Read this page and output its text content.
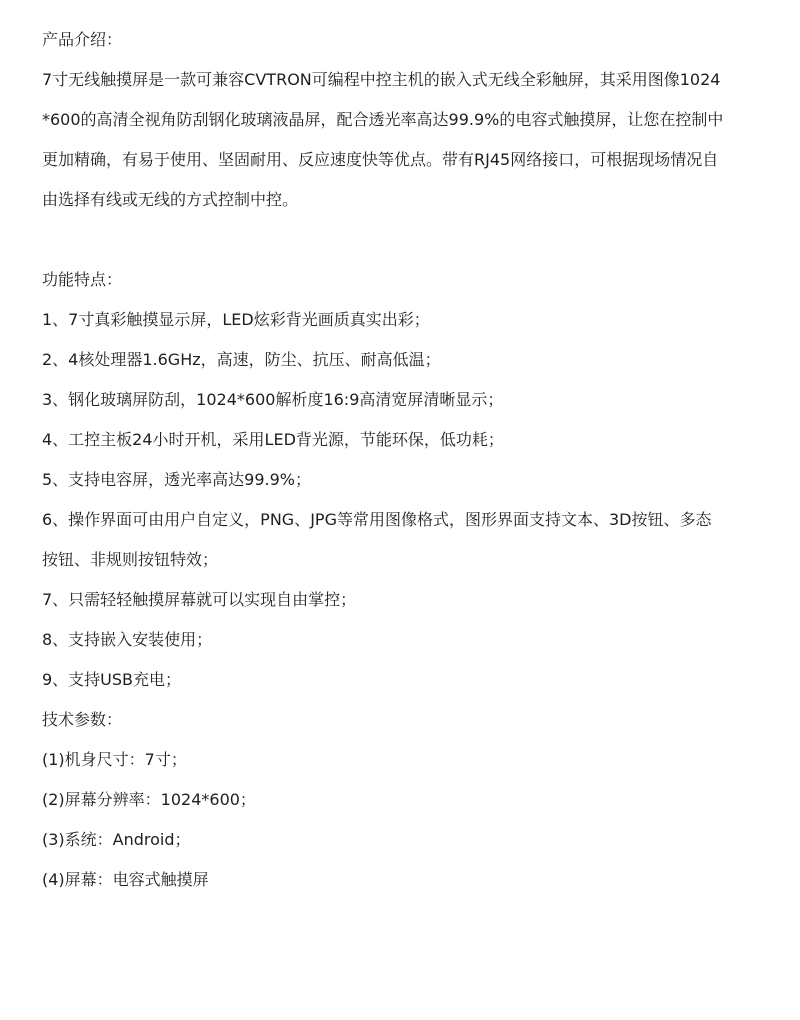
产品介绍：

7寸无线触摸屏是一款可兼容CVTRON可编程中控主机的嵌入式无线全彩触屏，其采用图像1024

*600的高清全视角防刮钢化玻璃液晶屏，配合透光率高达99.9%的电容式触摸屏，让您在控制中

更加精确，有易于使用、坚固耐用、反应速度快等优点。带有RJ45网络接口，可根据现场情况自

由选择有线或无线的方式控制中控。

功能特点：

1、7寸真彩触摸显示屏，LED炫彩背光画质真实出彩；

2、4核处理器1.6GHz，高速，防尘、抗压、耐高低温；

3、钢化玻璃屏防刮，1024*600解析度16:9高清宽屏清晰显示；

4、工控主板24小时开机，采用LED背光源，节能环保，低功耗；

5、支持电容屏，透光率高达99.9%；

6、操作界面可由用户自定义，PNG、JPG等常用图像格式，图形界面支持文本、3D按钮、多态

按钮、非规则按钮特效；

7、只需轻轻触摸屏幕就可以实现自由掌控；

8、支持嵌入安装使用；

9、支持USB充电；

技术参数：

(1)机身尺寸：7寸；

(2)屏幕分辨率：1024*600；

(3)系统：Android；

(4)屏幕：电容式触摸屏
